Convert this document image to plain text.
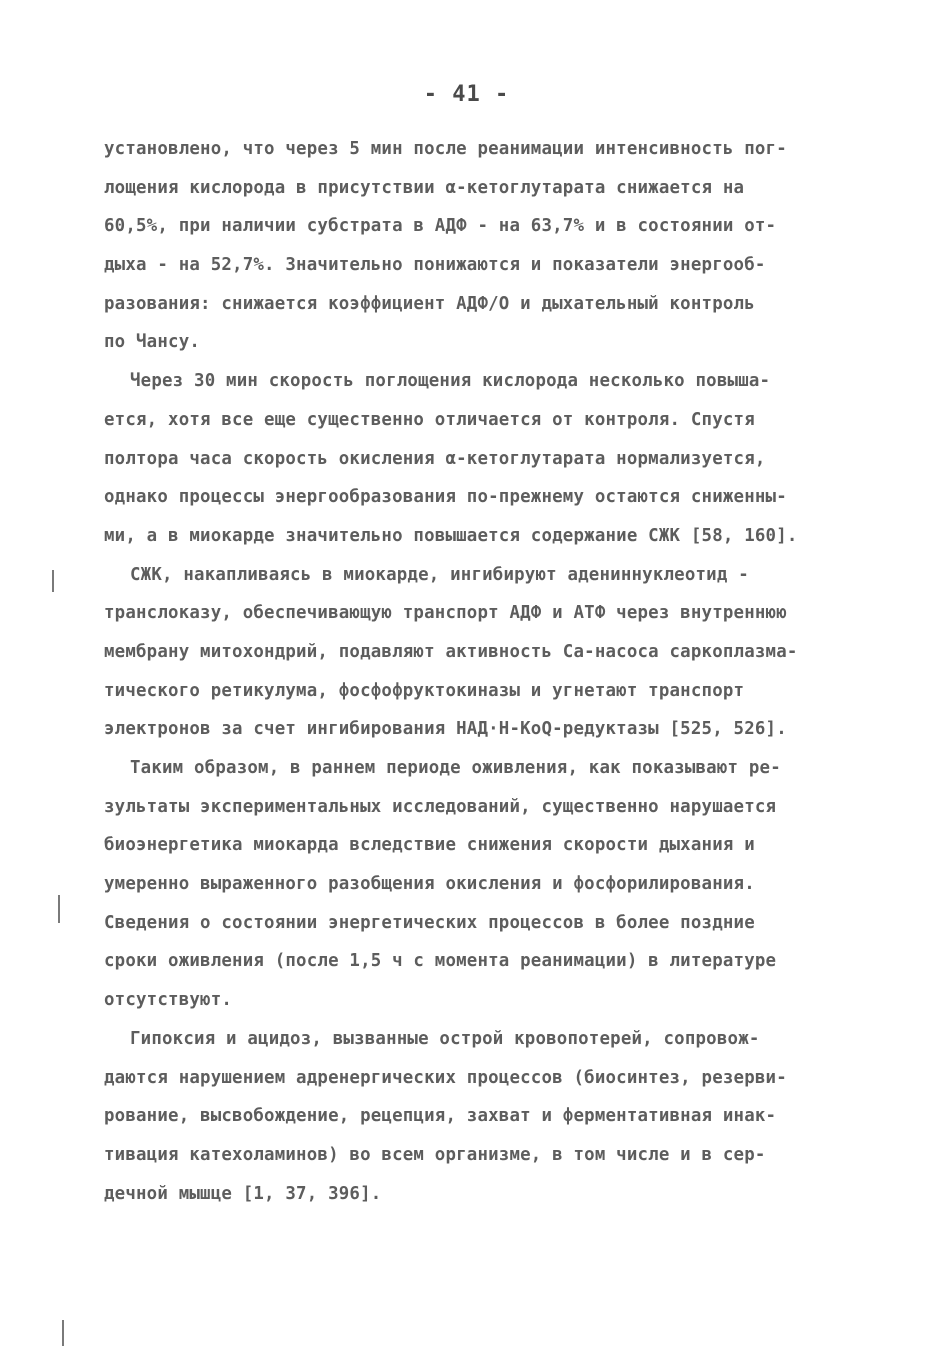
- 41 -
установлено, что через 5 мин после реанимации интенсивность пог-
лощения кислорода в присутствии α-кетоглутарата снижается на
60,5%, при наличии субстрата в АДФ - на 63,7% и в состоянии от-
дыха - на 52,7%. Значительно понижаются и показатели энергооб-
разования: снижается коэффициент АДФ/О и дыхательный контроль
по Чансу.
Через 30 мин скорость поглощения кислорода несколько повыша-
ется, хотя все еще существенно отличается от контроля. Спустя
полтора часа скорость окисления α-кетоглутарата нормализуется,
однако процессы энергообразования по-прежнему остаются сниженны-
ми, а в миокарде значительно повышается содержание СЖК [58, 160].
СЖК, накапливаясь в миокарде, ингибируют адениннуклеотид -
транслоказу, обеспечивающую транспорт АДФ и АТФ через внутреннюю
мембрану митохондрий, подавляют активность Са-насоса саркоплазма-
тического ретикулума, фосфофруктокиназы и угнетают транспорт
электронов за счет ингибирования НАД·Н-КоQ-редуктазы [525, 526].
Таким образом, в раннем периоде оживления, как показывают ре-
зультаты экспериментальных исследований, существенно нарушается
биоэнергетика миокарда вследствие снижения скорости дыхания и
умеренно выраженного разобщения окисления и фосфорилирования.
Сведения о состоянии энергетических процессов в более поздние
сроки оживления (после 1,5 ч с момента реанимации) в литературе
отсутствуют.
Гипоксия и ацидоз, вызванные острой кровопотерей, сопровож-
даются нарушением адренергических процессов (биосинтез, резерви-
рование, высвобождение, рецепция, захват и ферментативная инак-
тивация катехоламинов) во всем организме, в том числе и в сер-
дечной мышце [1, 37, 396].
